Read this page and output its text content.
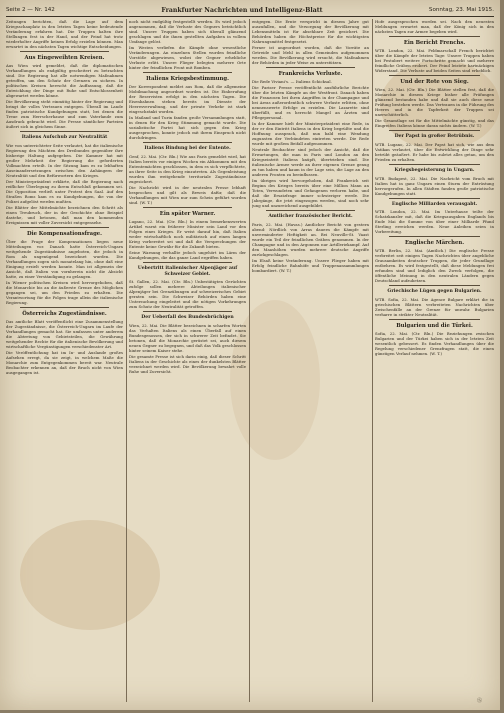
Seite 2 — Nr. 142	Frankfurter Nachrichten und Intelligenz-Blatt	Sonntag, 23. Mai 1915.
Zeitungen berichten, daß die Lage auf dem Kriegsschauplatz in den letzten Tagen keine bedeutende Veränderung erfahren hat. Die Truppen halten ihre Stellungen fest in der Hand, und der Feind hat trotz wiederholter Angriffe keinen Erfolg erzielen können. Man erwartet in den nächsten Tagen wichtige Entscheidungen.
Aus Eingeweihten Kreisen.
Aus Wien wird gemeldet, daß die diplomatischen Verhandlungen als endgültig gescheitert zu betrachten sind. Die Regierung hat alle notwendigen Maßnahmen getroffen, um den Schutz der Grenzen zu sichern. In politischen Kreisen herrscht die Auffassung, daß die Entwicklung der Dinge mit Ruhe und Entschlossenheit abgewartet werden könne.
Die Bevölkerung steht einmütig hinter der Regierung und bringt ihr volles Vertrauen entgegen. Überall im Lande finden patriotische Kundgebungen statt, bei denen die Treue zum Herrscherhause und zum Vaterlande zum Ausdruck gebracht wird. Die Presse sämtlicher Parteien äußert sich in gleichem Sinne.
Italiens Aufschub zur Neutralität
Wie von unterrichteter Seite verlautet, hat die italienische Regierung den Mächten des Dreibundes gegenüber ihre bisherige Haltung aufgegeben. Die Kammer hat mit großer Mehrheit der Regierung die geforderten Vollmachten erteilt. In der Sitzung kam es zu lebhaften Auseinandersetzungen zwischen den Anhängern der Neutralität und den Befürwortern des Krieges.
Der Ministerpräsident erklärte, daß die Regierung nach reiflicher Überlegung zu ihrem Entschluß gekommen sei. Die Opposition verließ unter Protest den Saal. Auf den Straßen Roms kam es zu Kundgebungen, die von der Polizei aufgelöst werden mußten.
Die Blätter der Mittelmächte bezeichnen den Schritt als einen Treubruch, der in der Geschichte ohne Beispiel dastehe, und betonen, daß man den kommenden Ereignissen mit voller Zuversicht entgegensehe.
Die Kompensationsfrage.
Über die Frage der Kompensationen liegen neue Mitteilungen vor. Danach hatte Österreich-Ungarn weitgehende Zugeständnisse angeboten, die jedoch in Rom als ungenügend bezeichnet wurden. Die Verhandlungen zogen sich monatelang hin, ohne daß eine Einigung erzielt werden konnte. Man ist allgemein der Ansicht, daß Italien von vornherein nicht die Absicht hatte, zu einer Verständigung zu gelangen.
In Wiener politischen Kreisen wird hervorgehoben, daß die Monarchie bis an die äußerste Grenze des Möglichen gegangen sei, um den Frieden zu erhalten. Die Verantwortung für die Folgen trage allein die italienische Regierung.
Österreichs Zugeständnisse.
Das amtliche Blatt veröffentlicht eine Zusammenstellung der Zugeständnisse, die Österreich-Ungarn im Laufe der Verhandlungen gemacht hat. Sie umfassen unter anderem die Abtretung von Gebietsteilen, die Gewährung weitgehender Rechte für die italienische Bevölkerung und wirtschaftliche Vergünstigungen verschiedenster Art.
Die Veröffentlichung hat im In- und Auslande großes Aufsehen erregt, da sie zeigt, in welchem Maße die Monarchie zum Entgegenkommen bereit war. Neutrale Beobachter erkennen an, daß der Bruch nicht von Wien ausgegangen ist.
noch nicht endgültig festgestellt werden. Es wird jedoch angenommen, daß die Verluste des Gegners beträchtlich sind. Unsere Truppen haben sich überall glänzend geschlagen und die ihnen gestellten Aufgaben in vollem Umfange gelöst.
Im Westen verliefen die Kämpfe ohne wesentliche Veränderungen. An einzelnen Stellen wurden feindliche Vorstöße abgewiesen, wobei der Gegner erhebliche Verluste erlitt. Unsere Flieger belegten mehrere Orte hinter der feindlichen Front mit Bomben.
Italiens Kriegsbestimmung.
Der Korrespondent meldet aus Rom, daß die allgemeine Mobilmachung angeordnet worden ist. Die Einberufung der Reservisten erfolgt in den nächsten Tagen. Die Eisenbahnen stehen bereits im Dienste der Heeresverwaltung, und der private Verkehr ist stark eingeschränkt worden.
In Mailand und Turin fanden große Versammlungen statt, in denen für den Krieg Stimmung gemacht wurde. Die sozialistische Partei hat sich gegen den Krieg ausgesprochen, konnte jedoch mit ihrem Einspruch nicht durchdringen.
Italiens Bindung bei der Entente.
Genf, 22. Mai. (Ctr. Bln.) Wie aus Paris gemeldet wird, hat Italien bereits vor einigen Wochen ein Abkommen mit den Ententemächten geschlossen, in dem es sich verpflichtete, an ihrer Seite in den Krieg einzutreten. Als Gegenleistung wurden ihm weitgehende territoriale Zugeständnisse zugesichert.
Die Nachricht wird in der neutralen Presse lebhaft besprochen und gilt als Beweis dafür, daß die Verhandlungen mit Wien nur zum Schein geführt worden sind. (W. T.)
Ein später Warner.
Lugano, 22. Mai. (Ctr. Bln.) In einem bemerkenswerten Artikel warnt ein früherer Minister sein Land vor den Folgen eines Krieges. Er weist darauf hin, daß Italien weder wirtschaftlich noch militärisch auf einen langen Krieg vorbereitet sei und daß die Versprechungen der Entente keine Gewähr für die Zukunft bieten.
Seine Warnung verhallte jedoch ungehört im Lärm der Kundgebungen, die das ganze Land ergriffen haben.
Uebertritt italienischer Alpenjäger auf Schweizer Gebiet.
St. Gallen, 22. Mai. (Ctr. Bln.) Unbestätigten Gerüchten zufolge sollen mehrere Abteilungen italienischer Alpenjäger bei Grenzübungen auf schweizerisches Gebiet geraten sein. Die Schweizer Behörden haben eine Untersuchung eingeleitet und die nötigen Vorkehrungen zum Schutz der Neutralität getroffen.
Der Ueberfall des Bundesbrüchigen
Wien, 22. Mai. Die Blätter bezeichnen in scharfen Worten das Verhalten Italiens als einen Überfall auf einen Bundesgenossen, der sich in schwerer Zeit befindet. Sie betonen, daß die Monarchie gerüstet sei, auch diesem neuen Gegner zu begegnen, und daß das Volk geschlossen hinter seinem Kaiser stehe.
Die gesamte Presse ist sich darin einig, daß dieser Schritt Italiens in der Geschichte als eines der dunkelsten Blätter verzeichnet werden wird. Die Bevölkerung bewahrt volle Ruhe und Zuversicht.
entgegen. Die Ernte verspricht in diesem Jahre gut auszufallen, und die Versorgung der Bevölkerung mit Lebensmitteln ist für absehbare Zeit gesichert. Die Behörden haben die Höchstpreise für die wichtigsten Nahrungsmittel festgesetzt.
Ferner ist angeordnet worden, daß die Vorräte an Getreide und Mehl in allen Gemeinden aufgenommen werden. Die Bevölkerung wird ersucht, die Maßnahmen der Behörden in jeder Weise zu unterstützen.
Frankreichs Verluste.
Die Rede Viviani's. — Italiens Schicksal.
Die Pariser Presse veröffentlicht ausführliche Berichte über die letzten Kämpfe an der Westfront. Danach haben die Franzosen bei ihren Angriffen in der Champagne und bei Arras außerordentlich schwere Verluste erlitten, ohne nennenswerte Erfolge zu erzielen. Die Lazarette sind überfüllt, und es herrscht Mangel an Ärzten und Pflegepersonal.
In der Kammer hielt der Ministerpräsident eine Rede, in der er den Eintritt Italiens in den Krieg begrüßte und die Hoffnung aussprach, daß nun bald eine Wendung zugunsten der Verbündeten eintreten werde. Die Rede wurde mit großem Beifall aufgenommen.
Neutrale Beobachter sind jedoch der Ansicht, daß die Erwartungen, die man in Paris und London an den Kriegseintritt Italiens knüpft, übertrieben sind. Die italienische Armee werde an ihrer eigenen Grenze genug zu tun haben und kaum in der Lage sein, die Lage an den anderen Fronten zu beeinflussen.
Im übrigen wird hervorgehoben, daß Frankreich seit Beginn des Krieges bereits über eine Million Mann an Toten, Verwundeten und Gefangenen verloren habe, und daß die Ersatzfrage immer schwieriger werde. Die Jahrgänge, die jetzt eingezogen werden, sind noch sehr jung und unzureichend ausgebildet.
Amtlicher französischer Bericht.
Paris, 22. Mai. (Havas.) Amtlicher Bericht von gestern abend: Nördlich von Arras dauern die Kämpfe mit unverminderter Heftigkeit an. Bei Neuville-St. Vaast wurde ein Teil der feindlichen Gräben genommen. In der Champagne und in den Argonnen nur Artilleriekampf. Auf den Maashöhen wurden mehrere deutsche Angriffe zurückgeschlagen.
Im Elsaß keine Veränderung. Unsere Flieger haben mit Erfolg feindliche Bahnhöfe und Truppenansammlungen bombardiert. (W. T.)
Hofe ausgesprochen worden sei. Nach den neuesten Meldungen erwartet man, daß der König sich in den nächsten Tagen zur Armee begeben wird.
Ein Bericht Frenchs.
WTB. London, 22. Mai. Feldmarschall French berichtet über die Kämpfe der letzten Tage: Unsere Truppen haben bei Festubert weitere Fortschritte gemacht und mehrere feindliche Gräben erobert. Der Feind leistete hartnäckigen Widerstand. Die Verluste auf beiden Seiten sind erheblich.
Und der Rote von Sieg.
Wien, 22. Mai. (Ctr. Bln.) Die Blätter stellen fest, daß die Monarchie in diesem Kriege bisher alle Prüfungen glänzend bestanden habe und daß sie auch diese neue Prüfung bestehen werde. Das Vertrauen in die Führung des Heeres und in die Tapferkeit der Truppen sei unerschütterlich.
Die Gesamtlage sei für die Mittelmächte günstig, und das Eingreifen Italiens könne daran nichts ändern. (W. T.)
Der Papst in großer Betrübnis.
WTB. Lugano, 22. Mai. Der Papst hat sich, wie aus dem Vatikan verlautet, über die Entwicklung der Dinge sehr betrübt geäußert. Er habe bis zuletzt alles getan, um den Frieden zu erhalten.
Kriegsbegeisterung in Ungarn.
WTB. Budapest, 22. Mai. Die Nachricht vom Bruch mit Italien hat in ganz Ungarn einen Sturm der Entrüstung hervorgerufen. In allen Städten fanden große patriotische Kundgebungen statt.
Englische Milliarden verausgabt.
WTB. London, 22. Mai. Im Unterhause teilte der Schatzkanzler mit, daß die Kriegsausgaben Englands bis Ende Mai die Summe von über einer Milliarde Pfund Sterling erreichen werden. Neue Anleihen seien in Vorbereitung.
Englische Märchen.
WTB. Berlin, 22. Mai. (Amtlich.) Die englische Presse verbreitet seit einigen Tagen Nachrichten über angebliche Grausamkeiten deutscher Truppen, die jeder Grundlage entbehren. Es wird festgestellt, daß diese Meldungen frei erfunden sind und lediglich den Zweck verfolgen, die öffentliche Meinung in den neutralen Ländern gegen Deutschland aufzuhetzen.
Griechische Lügen gegen Bulgarien.
WTB. Sofia, 22. Mai. Die Agence Bulgare erklärt die in griechischen Blättern verbreiteten Nachrichten über Zwischenfälle an der Grenze für unwahr. Bulgarien verharre in strikter Neutralität.
Bulgarien und die Türkei.
Sofia, 22. Mai. (Ctr. Bln.) Die Beziehungen zwischen Bulgarien und der Türkei haben sich in der letzten Zeit wesentlich gebessert. Es finden Verhandlungen über die Regelung verschiedener Grenzfragen statt, die einen günstigen Verlauf nehmen. (W. T.)
Ⓢ
